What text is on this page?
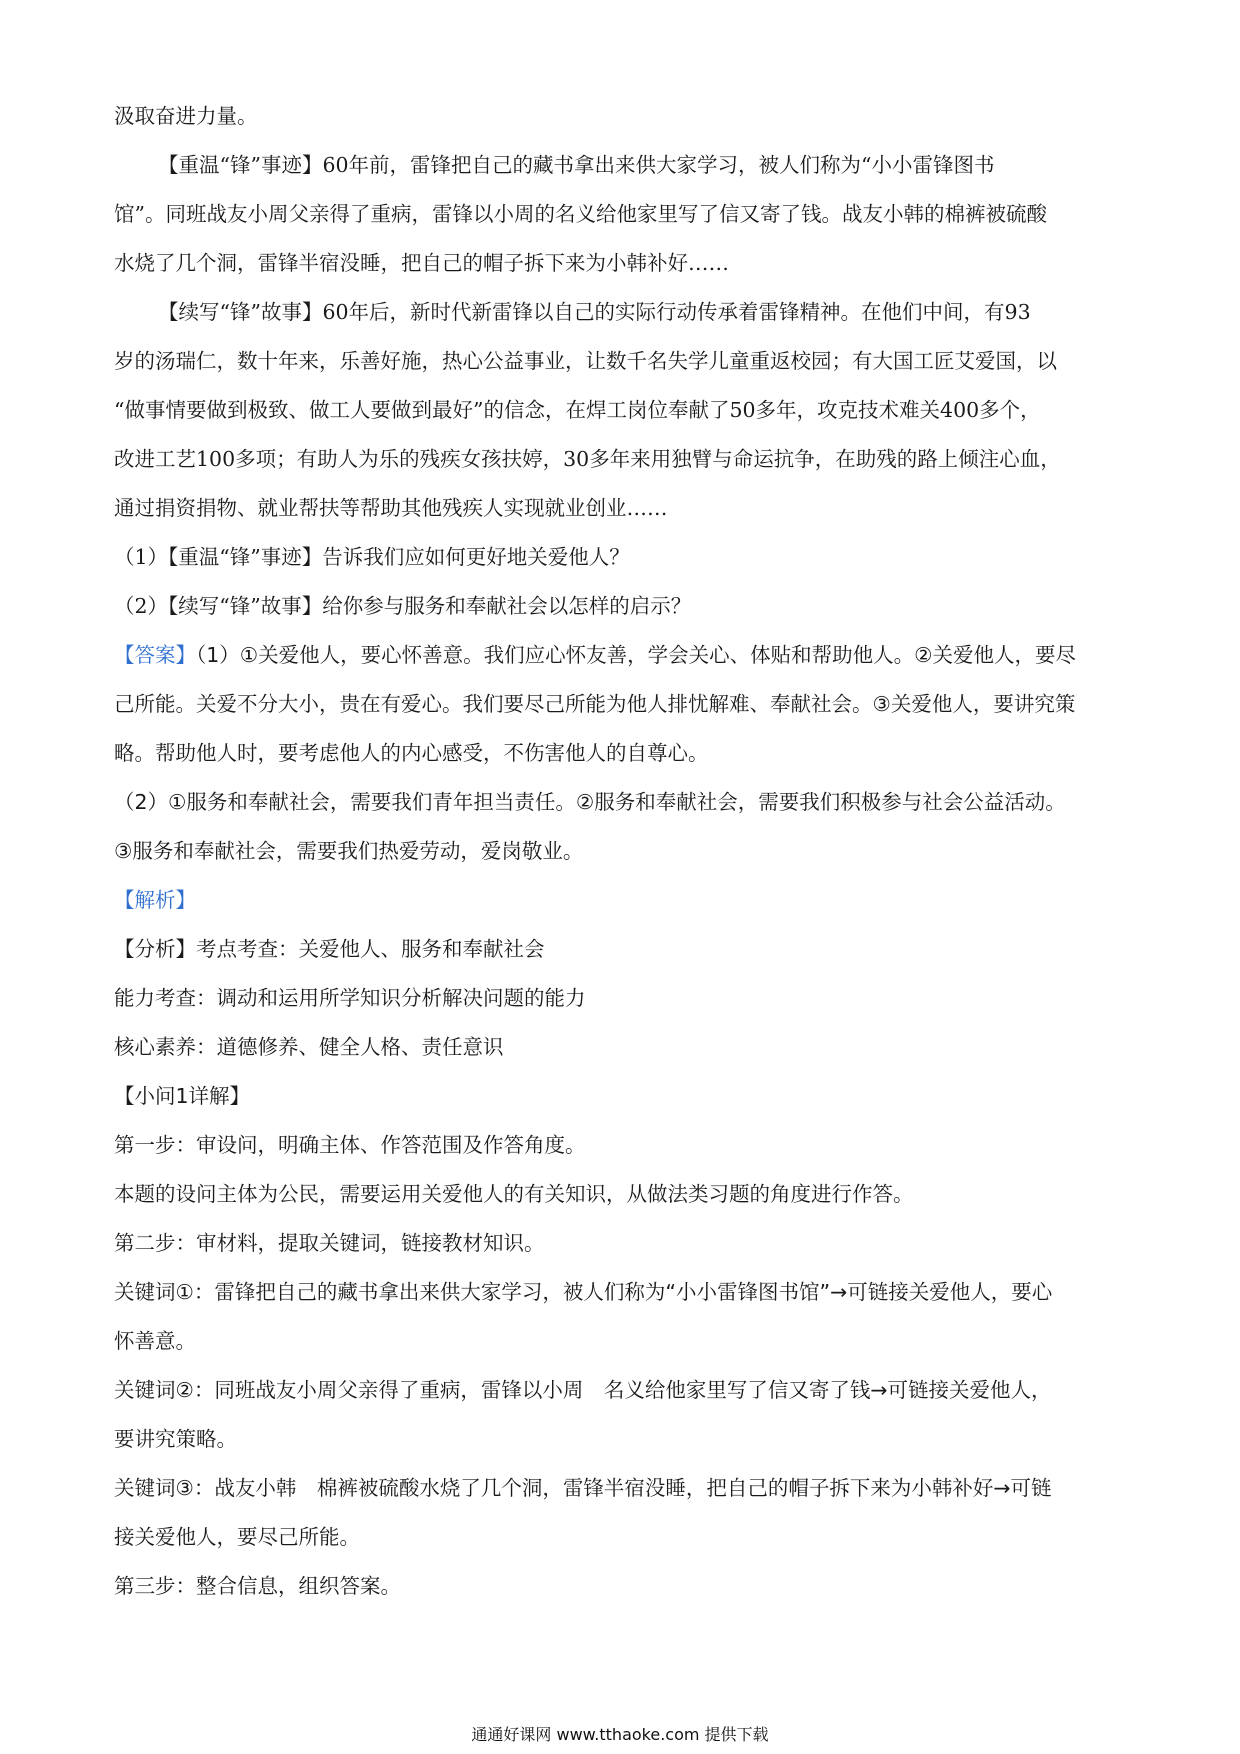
汲取奋进力量。
【重温“锋”事迹】60年前，雷锋把自己的藏书拿出来供大家学习，被人们称为“小小雷锋图书
馆”。同班战友小周父亲得了重病，雷锋以小周的名义给他家里写了信又寄了钱。战友小韩的棉裤被硫酸
水烧了几个洞，雷锋半宿没睡，把自己的帽子拆下来为小韩补好……
【续写“锋”故事】60年后，新时代新雷锋以自己的实际行动传承着雷锋精神。在他们中间，有93
岁的汤瑞仁，数十年来，乐善好施，热心公益事业，让数千名失学儿童重返校园；有大国工匠艾爱国，以
“做事情要做到极致、做工人要做到最好”的信念，在焊工岗位奉献了50多年，攻克技术难关400多个，
改进工艺100多项；有助人为乐的残疾女孩扶婷，30多年来用独臂与命运抗争，在助残的路上倾注心血，
通过捐资捐物、就业帮扶等帮助其他残疾人实现就业创业……
（1）【重温“锋”事迹】告诉我们应如何更好地关爱他人？
（2）【续写“锋”故事】给你参与服务和奉献社会以怎样的启示？
【答案】（1）①关爱他人，要心怀善意。我们应心怀友善，学会关心、体贴和帮助他人。②关爱他人，要尽
己所能。关爱不分大小，贵在有爱心。我们要尽己所能为他人排忧解难、奉献社会。③关爱他人，要讲究策
略。帮助他人时，要考虑他人的内心感受，不伤害他人的自尊心。
（2）①服务和奉献社会，需要我们青年担当责任。②服务和奉献社会，需要我们积极参与社会公益活动。
③服务和奉献社会，需要我们热爱劳动，爱岗敬业。
【解析】
【分析】考点考查：关爱他人、服务和奉献社会
能力考查：调动和运用所学知识分析解决问题的能力
核心素养：道德修养、健全人格、责任意识
【小问1详解】
第一步：审设问，明确主体、作答范围及作答角度。
本题的设问主体为公民，需要运用关爱他人的有关知识，从做法类习题的角度进行作答。
第二步：审材料，提取关键词，链接教材知识。
关键词①：雷锋把自己的藏书拿出来供大家学习，被人们称为“小小雷锋图书馆”→可链接关爱他人，要心
怀善意。
关键词②：同班战友小周父亲得了重病，雷锋以小周　名义给他家里写了信又寄了钱→可链接关爱他人，
要讲究策略。
关键词③：战友小韩　棉裤被硫酸水烧了几个洞，雷锋半宿没睡，把自己的帽子拆下来为小韩补好→可链
接关爱他人，要尽己所能。
第三步：整合信息，组织答案。
通通好课网 www.tthaoke.com 提供下载
